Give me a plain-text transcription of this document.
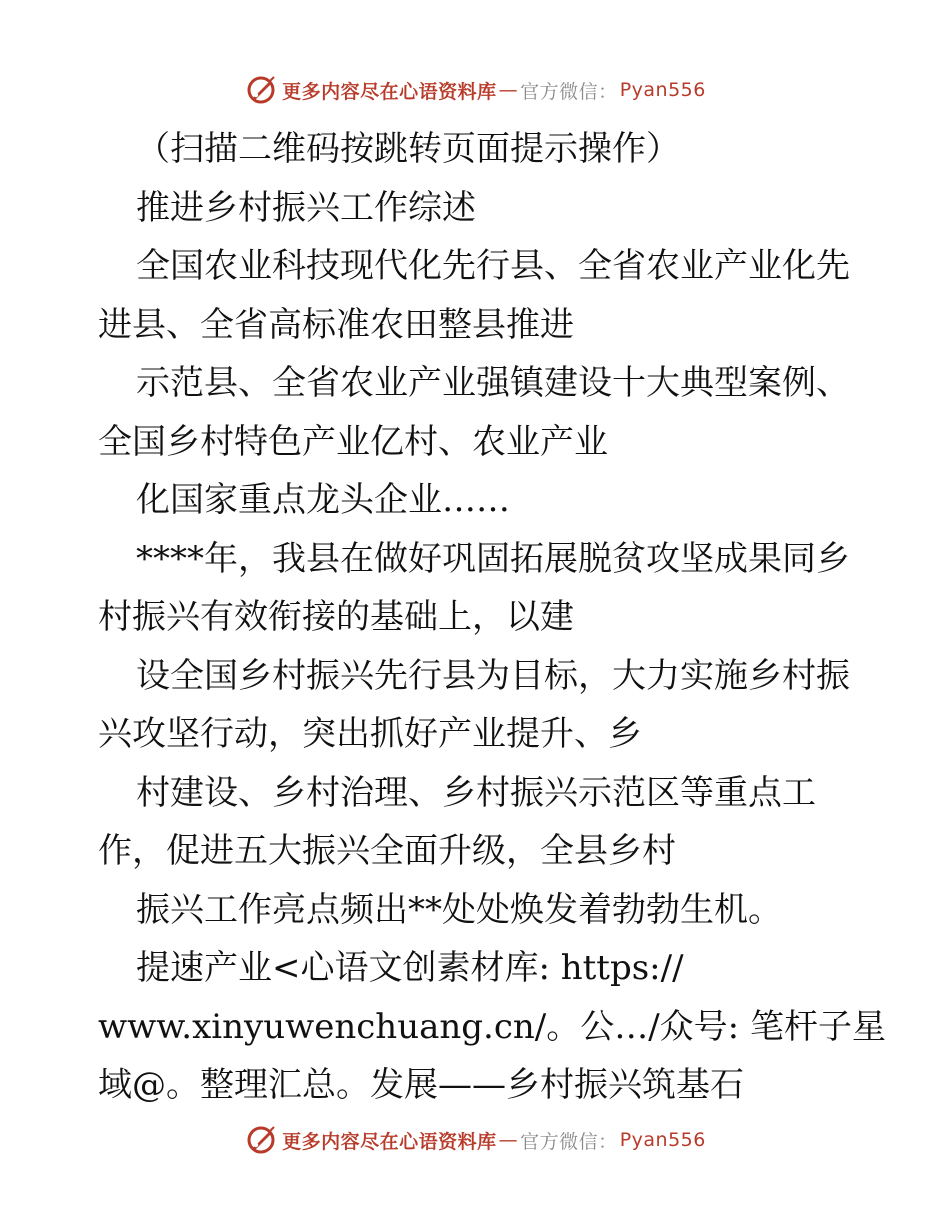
更多内容尽在心语资料库 — 官方微信： Pyan556

（扫描二维码按跳转页面提示操作）

推进乡村振兴工作综述

全国农业科技现代化先行县、全省农业产业化先

进县、全省高标准农田整县推进

示范县、全省农业产业强镇建设十大典型案例、

全国乡村特色产业亿村、农业产业

化国家重点龙头企业……

****年，我县在做好巩固拓展脱贫攻坚成果同乡

村振兴有效衔接的基础上，以建

设全国乡村振兴先行县为目标，大力实施乡村振

兴攻坚行动，突出抓好产业提升、乡

村建设、乡村治理、乡村振兴示范区等重点工

作，促进五大振兴全面升级，全县乡村

振兴工作亮点频出**处处焕发着勃勃生机。

提速产业<心语文创素材库: https://

www.xinyuwenchuang.cn/。公…/众号: 笔杆子星

域@。整理汇总。发展——乡村振兴筑基石

更多内容尽在心语资料库 — 官方微信： Pyan556
